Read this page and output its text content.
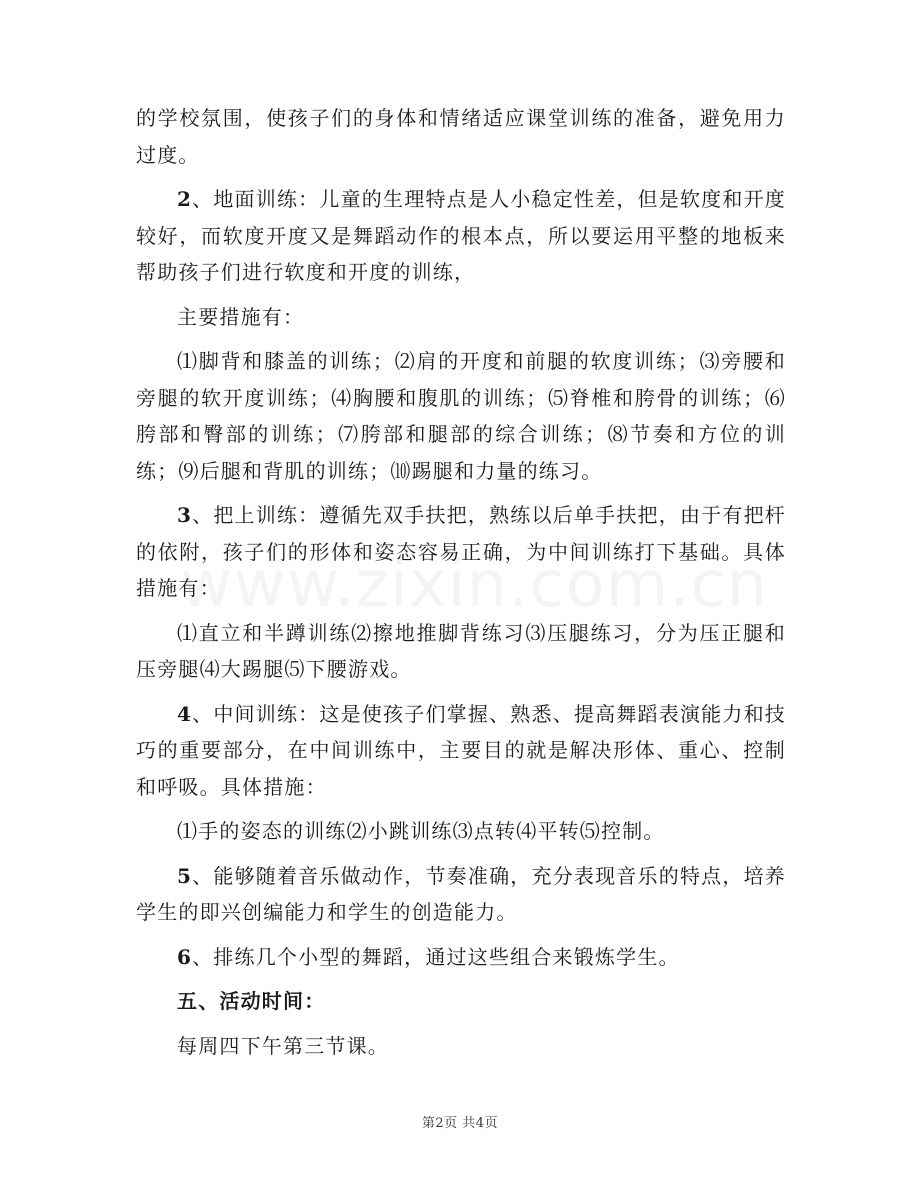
的学校氛围，使孩子们的身体和情绪适应课堂训练的准备，避免用力过度。

2、地面训练：儿童的生理特点是人小稳定性差，但是软度和开度较好，而软度开度又是舞蹈动作的根本点，所以要运用平整的地板来帮助孩子们进行软度和开度的训练，

主要措施有：

⑴脚背和膝盖的训练；⑵肩的开度和前腿的软度训练；⑶旁腰和旁腿的软开度训练；⑷胸腰和腹肌的训练；⑸脊椎和胯骨的训练；⑹胯部和臀部的训练；⑺胯部和腿部的综合训练；⑻节奏和方位的训练；⑼后腿和背肌的训练；⑽踢腿和力量的练习。

3、把上训练：遵循先双手扶把，熟练以后单手扶把，由于有把杆的依附，孩子们的形体和姿态容易正确，为中间训练打下基础。具体措施有：

⑴直立和半蹲训练⑵擦地推脚背练习⑶压腿练习，分为压正腿和压旁腿⑷大踢腿⑸下腰游戏。

4、中间训练：这是使孩子们掌握、熟悉、提高舞蹈表演能力和技巧的重要部分，在中间训练中，主要目的就是解决形体、重心、控制和呼吸。具体措施：

⑴手的姿态的训练⑵小跳训练⑶点转⑷平转⑸控制。

5、能够随着音乐做动作，节奏准确，充分表现音乐的特点，培养学生的即兴创编能力和学生的创造能力。

6、排练几个小型的舞蹈，通过这些组合来锻炼学生。

五、活动时间：

每周四下午第三节课。

第2页 共4页
